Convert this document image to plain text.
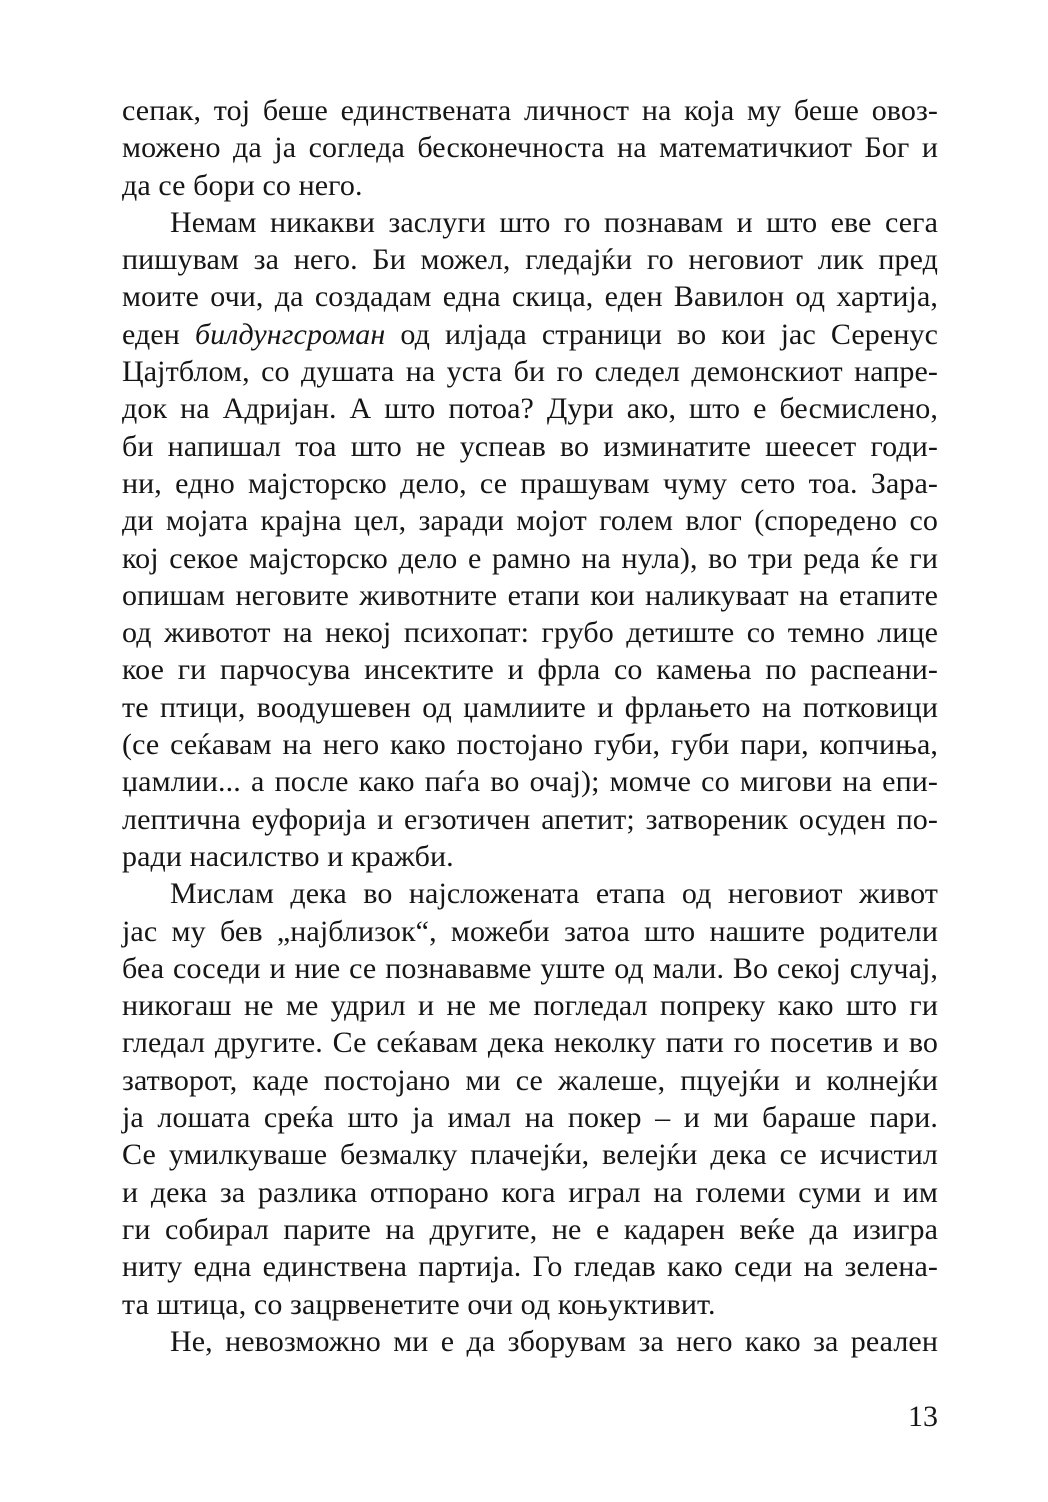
сепак, тој беше единствената личност на која му беше овоз-
можено да ја согледа бесконечноста на математичкиот Бог и
да се бори со него.
Немам никакви заслуги што го познавам и што еве сега
пишувам за него. Би можел, гледајќи го неговиот лик пред
моите очи, да создадам една скица, еден Вавилон од хартија,
еден билдунгсроман од илјада страници во кои јас Серенус
Цајтблом, со душата на уста би го следел демонскиот напре-
док на Адријан. А што потоа? Дури ако, што е бесмислено,
би напишал тоа што не успеав во изминатите шеесет годи-
ни, едно мајсторско дело, се прашувам чуму сето тоа. Зара-
ди мојата крајна цел, заради мојот голем влог (споредено со
кој секое мајсторско дело е рамно на нула), во три реда ќе ги
опишам неговите животните етапи кои наликуваат на етапите
од животот на некој психопат: грубо детиште со темно лице
кое ги парчосува инсектите и фрла со камења по распеани-
те птици, воодушевен од џамлиите и фрлањето на потковици
(се сеќавам на него како постојано губи, губи пари, копчиња,
џамлии... а после како паѓа во очај); момче со мигови на епи-
лептична еуфорија и егзотичен апетит; затвореник осуден по-
ради насилство и кражби.
Мислам дека во најсложената етапа од неговиот живот
јас му бев „најблизок“, можеби затоа што нашите родители
беа соседи и ние се познававме уште од мали. Во секој случај,
никогаш не ме удрил и не ме погледал попреку како што ги
гледал другите. Се сеќавам дека неколку пати го посетив и во
затворот, каде постојано ми се жалеше, пцуејќи и колнејќи
ја лошата среќа што ја имал на покер – и ми бараше пари.
Се умилкуваше безмалку плачејќи, велејќи дека се исчистил
и дека за разлика отпорано кога играл на големи суми и им
ги собирал парите на другите, не е кадарен веќе да изигра
ниту една единствена партија. Го гледав како седи на зелена-
та штица, со зацрвенетите очи од коњуктивит.
Не, невозможно ми е да зборувам за него како за реален
13
